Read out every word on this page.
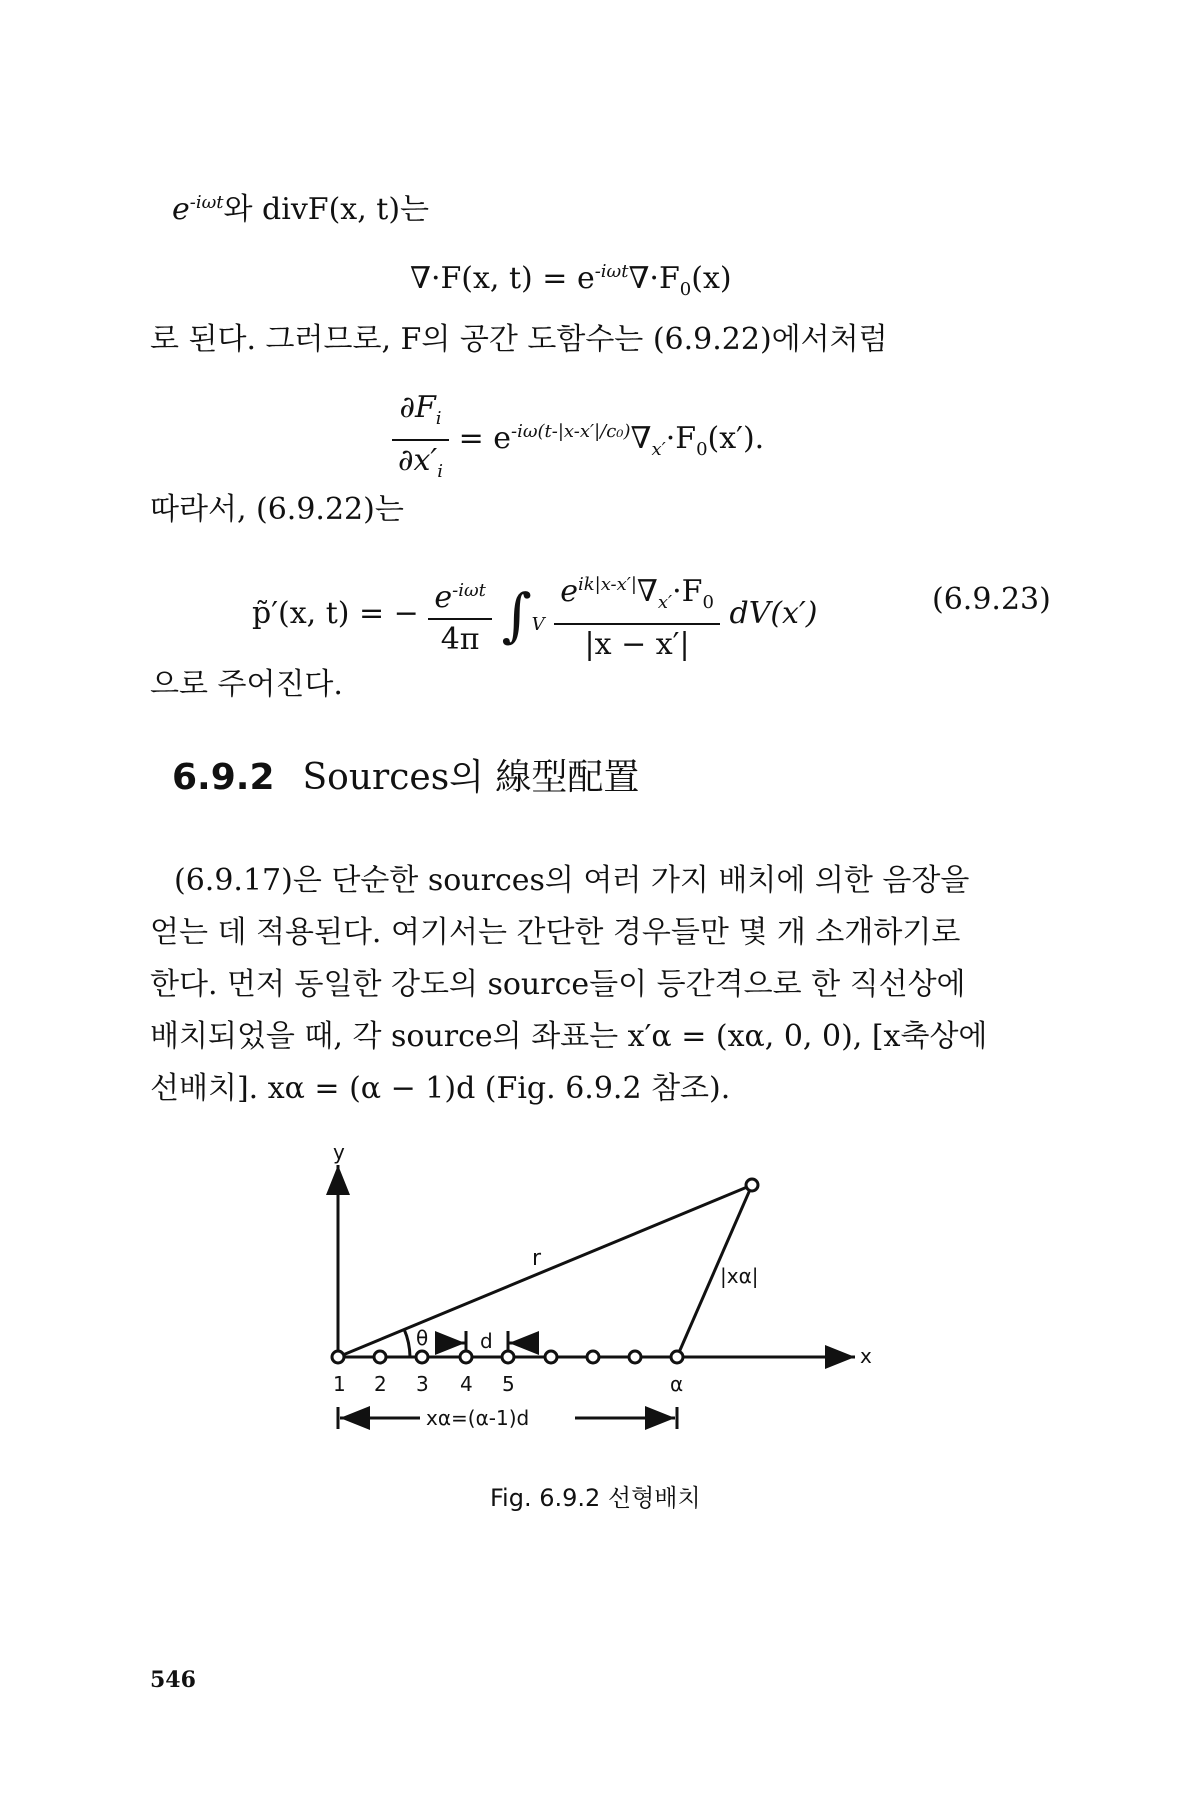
$e^{-i\omega t}$와 divF(x, t)는
∇·F(x, $t) = e^{-i\omega t}\nabla\cdot F_0(x)$
로 된다. 그러므로, F의 공간 도함수는 (6.9.22)에서처럼
$\frac{\partial F_i}{\partial x'_i} = e^{-i\omega(t-|x-x'|/c_0)}\nabla_{x'}\cdot F_0(x')$.
따라서, (6.9.22)는
p̃′(x, t) = − $\frac{e^{-i\omega t}}{4\pi} \int_V \frac{e^{ik|x-x'|}\nabla_{x'}\cdot F_0}{|x - x'|} dV(x')$	(6.9.23)
으로 주어진다.
6.9.2 Sources의 線型配置

(6.9.17)은 단순한 sources의 여러 가지 배치에 의한 음장을

얻는 데 적용된다. 여기서는 간단한 경우들만 몇 개 소개하기로

한다. 먼저 동일한 강도의 source들이 등간격으로 한 직선상에

배치되었을 때, 각 source의 좌표는 x′α = (xα, 0, 0), [x축상에

선배치]. xα = (α − 1)d (Fig. 6.9.2 참조).

y
x
r
|xα|
θ	d
1 2 3 4 5	α
xα=(α-1)d
Fig. 6.9.2 선형배치
546
